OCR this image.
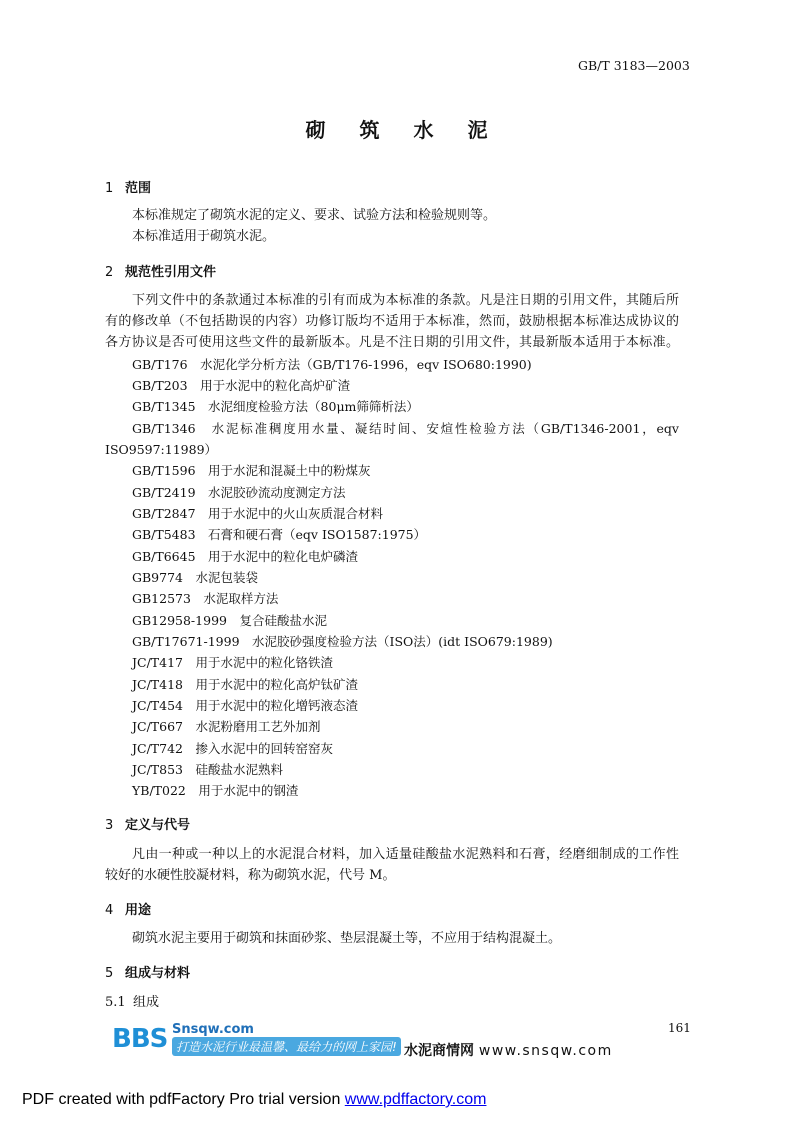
GB/T 3183—2003
砌筑水泥
1 范围
本标准规定了砌筑水泥的定义、要求、试验方法和检验规则等。
本标准适用于砌筑水泥。
2 规范性引用文件
下列文件中的条款通过本标准的引有而成为本标准的条款。凡是注日期的引用文件，其随后所
有的修改单（不包括勘误的内容）功修订版均不适用于本标准，然而，鼓励根据本标准达成协议的
各方协议是否可使用这些文件的最新版本。凡是不注日期的引用文件，其最新版本适用于本标准。
GB/T176　水泥化学分析方法（GB/T176-1996，eqv ISO680:1990)
GB/T203　用于水泥中的粒化高炉矿渣
GB/T1345　水泥细度检验方法（80μm筛筛析法）
GB/T1346　水泥标准稠度用水量、凝结时间、安煊性检验方法（GB/T1346-2001，eqv
ISO9597:11989）
GB/T1596　用于水泥和混凝土中的粉煤灰
GB/T2419　水泥胶砂流动度测定方法
GB/T2847　用于水泥中的火山灰质混合材料
GB/T5483　石膏和硬石膏（eqv ISO1587:1975）
GB/T6645　用于水泥中的粒化电炉磷渣
GB9774　水泥包装袋
GB12573　水泥取样方法
GB12958-1999　复合硅酸盐水泥
GB/T17671-1999　水泥胶砂强度检验方法（ISO法）(idt ISO679:1989)
JC/T417　用于水泥中的粒化铬铁渣
JC/T418　用于水泥中的粒化高炉钛矿渣
JC/T454　用于水泥中的粒化增钙液态渣
JC/T667　水泥粉磨用工艺外加剂
JC/T742　掺入水泥中的回转窑窑灰
JC/T853　硅酸盐水泥熟料
YB/T022　用于水泥中的钢渣
3 定义与代号
凡由一种或一种以上的水泥混合材料，加入适量硅酸盐水泥熟料和石膏，经磨细制成的工作性
较好的水硬性胶凝材料，称为砌筑水泥，代号 M。
4 用途
砌筑水泥主要用于砌筑和抹面砂浆、垫层混凝土等，不应用于结构混凝土。
5 组成与材料
5.1 组成
161
BBS Snsqw.com
打造水泥行业最温馨、最给力的网上家园! 水泥商情网 www.snsqw.com
PDF created with pdfFactory Pro trial version www.pdffactory.com
